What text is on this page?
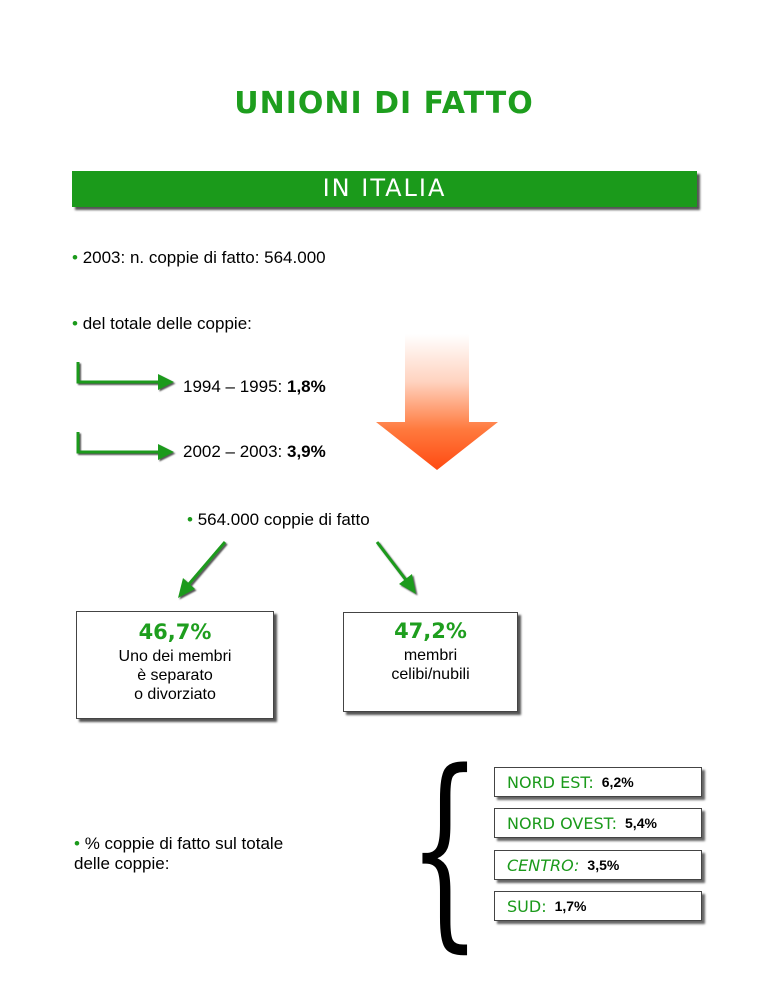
UNIONI DI FATTO
IN ITALIA
• 2003: n. coppie di fatto: 564.000
• del totale delle coppie:
1994 – 1995: 1,8%
2002 – 2003: 3,9%
• 564.000 coppie di fatto
46,7%
Uno dei membri
è separato
o divorziato
47,2%
membri
celibi/nubili
• % coppie di fatto sul totale
delle coppie:	{ NORD EST: 6,2%
NORD OVEST: 5,4%
CENTRO: 3,5%
SUD: 1,7%
